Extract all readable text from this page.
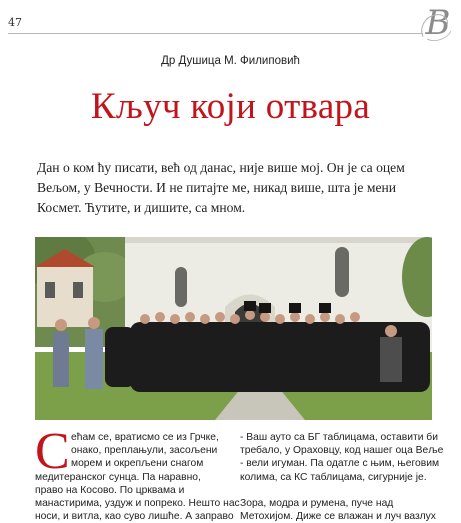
47	В
Др Душица М. Филиповић
Кључ који отвара
Дан о ком ћу писати, већ од данас, није више мој. Он је са оцем
Вељом, у Вечности. И не питајте ме, никад више, шта је мени
Космет. Ћутите, и дишите, са мном.
С ећам се, вратисмо се из Грчке,
онако, преплањули, засољени
морем и окрепљени снагом
медитеранског сунца. Па наравно,
право на Косово. По црквама и
манастирима, уздуж и попреко. Нешто нас
носи, и витла, као суво лишће. А заправо
- Ваш ауто са БГ таблицама, оставити би
требало, у Ораховцу, код нашег оца Веље
- вели игуман. Па одатле с њим, његовим
колима, са КС таблицама, сигурније је.

Зора, модра и румена, пуче над
Метохијом. Диже се влажан и луч вазлух
